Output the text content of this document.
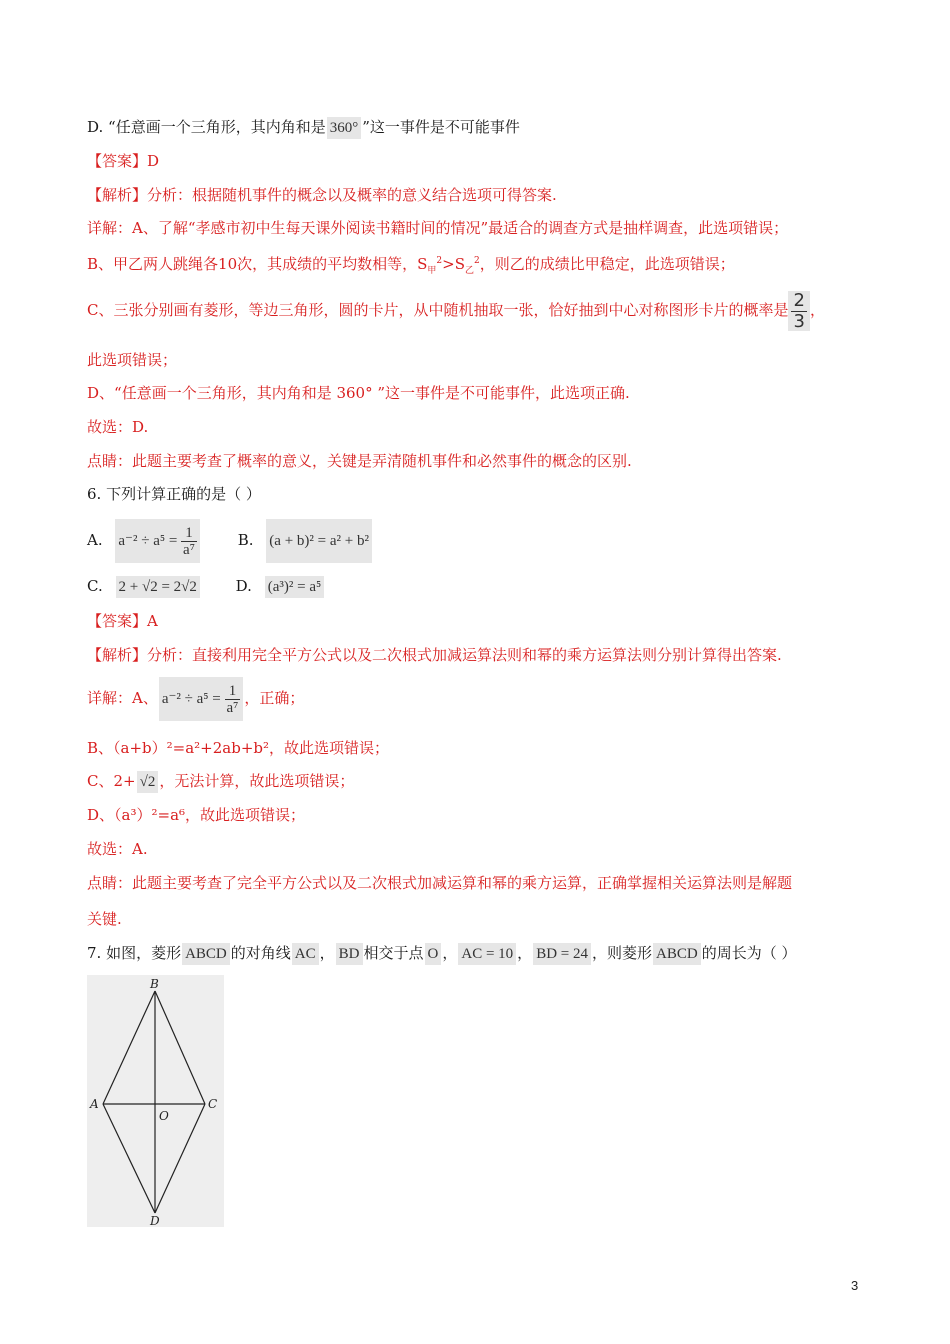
D. “任意画一个三角形，其内角和是 360° ”这一事件是不可能事件
【答案】D
【解析】分析：根据随机事件的概念以及概率的意义结合选项可得答案.
详解：A、了解“孝感市初中生每天课外阅读书籍时间的情况”最适合的调查方式是抽样调查，此选项错误；
B、甲乙两人跳绳各10次，其成绩的平均数相等，$S_甲^2>S_乙^2$，则乙的成绩比甲稳定，此选项错误；
C、三张分别画有菱形，等边三角形，圆的卡片，从中随机抽取一张，恰好抽到中心对称图形卡片的概率是 $\frac{2}{3}$ ，
此选项错误；
D、“任意画一个三角形，其内角和是 360° ”这一事件是不可能事件，此选项正确.
故选：D.
点睛：此题主要考查了概率的意义，关键是弄清随机事件和必然事件的概念的区别.
6. 下列计算正确的是（ ）
A. $a^{-2} \div a^5 = \frac{1}{\text{a⁷}}$	B. (a + b)² = a² + b²
C. 2 + √2 = 2√2	D. (a³)² = a⁵
【答案】A
【解析】分析：直接利用完全平方公式以及二次根式加减运算法则和幂的乘方运算法则分别计算得出答案.
详解：A、 $a^{-2} \div a^5 = \frac{1}{\text{a⁷}}$ ，正确；
B、（a+b）²=a²+2ab+b²，故此选项错误；
C、2+ √2 ，无法计算，故此选项错误；
D、（a³）²=a⁶，故此选项错误；
故选：A.
点睛：此题主要考查了完全平方公式以及二次根式加减运算和幂的乘方运算，正确掌握相关运算法则是解题
关键.
7. 如图，菱形 ABCD 的对角线 AC ， BD 相交于点 O ， AC = 10 ， BD = 24 ，则菱形 ABCD 的周长为（ ）
B
A	C
O
D
3
